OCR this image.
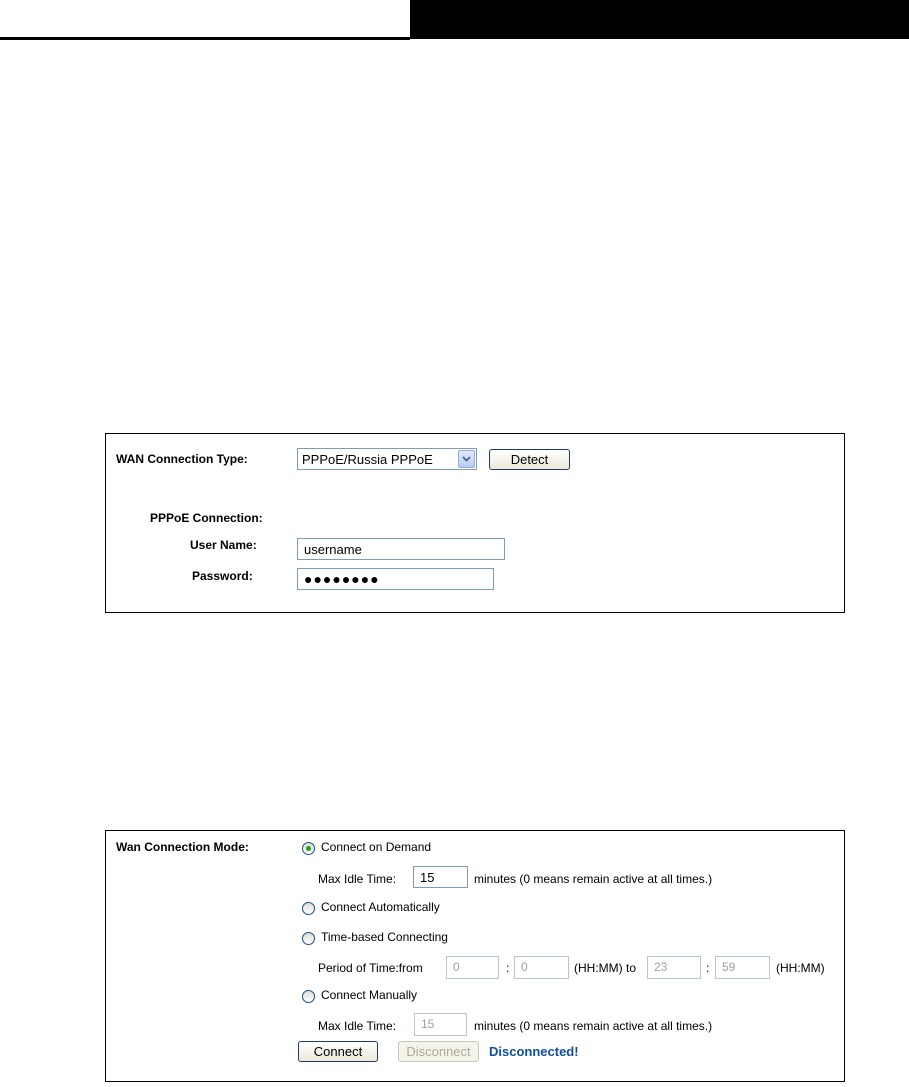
WAN Connection Type:	PPPoE/Russia PPPoE	Detect
PPPoE Connection:
User Name:	username
Password:	●●●●●●●●
Wan Connection Mode:	Connect on Demand
Max Idle Time:	15	minutes (0 means remain active at all times.)
Connect Automatically
Time-based Connecting
Period of Time:from	0	: 0	(HH:MM) to	23	:	59	(HH:MM)
Connect Manually
Max Idle Time:	15	minutes (0 means remain active at all times.)
Connect	Disconnect	Disconnected!
